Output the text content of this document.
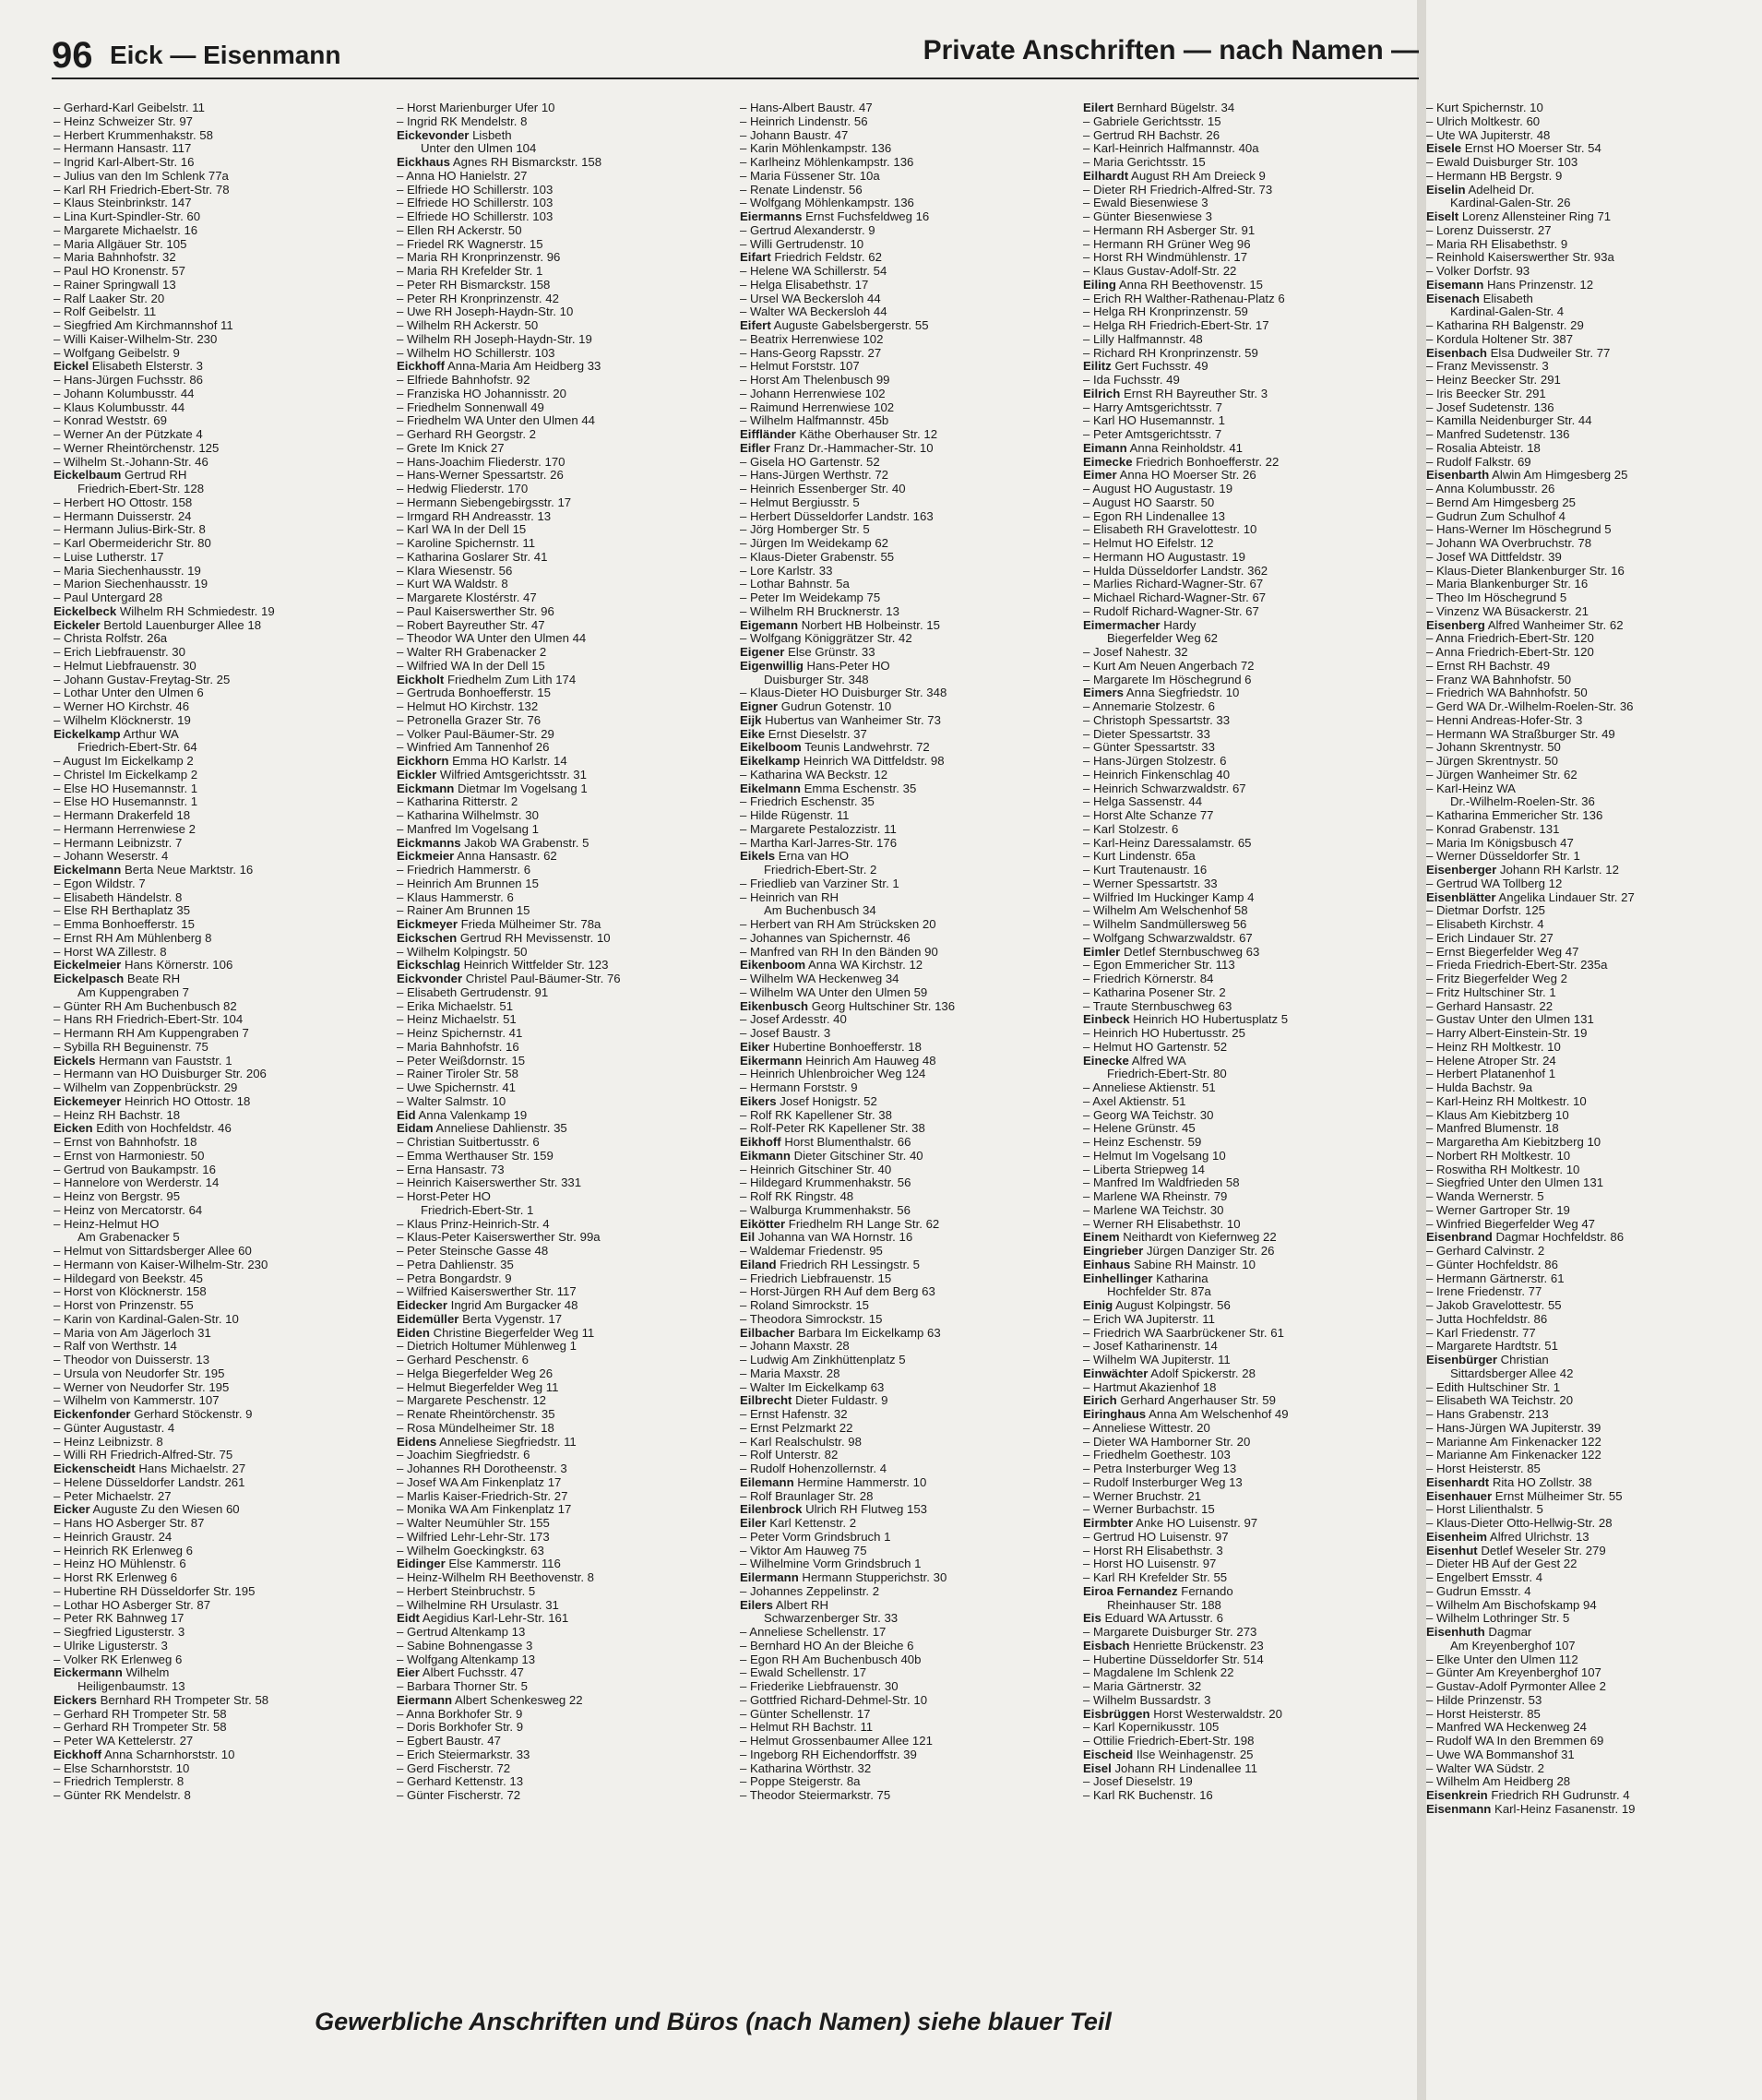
96 Eick — Eisenmann	Private Anschriften — nach Namen —
– Gerhard-Karl Geibelstr. 11
– Heinz Schweizer Str. 97
– Herbert Krummenhakstr. 58
– Hermann Hansastr. 117
– Ingrid Karl-Albert-Str. 16
– Julius van den Im Schlenk 77a
– Karl RH Friedrich-Ebert-Str. 78
– Klaus Steinbrinkstr. 147
– Lina Kurt-Spindler-Str. 60
– Margarete Michaelstr. 16
– Maria Allgäuer Str. 105
– Maria Bahnhofstr. 32
– Paul HO Kronenstr. 57
– Rainer Springwall 13
– Ralf Laaker Str. 20
– Rolf Geibelstr. 11
– Siegfried Am Kirchmannshof 11
– Willi Kaiser-Wilhelm-Str. 230
– Wolfgang Geibelstr. 9
Eickel Elisabeth Elsterstr. 3
– Hans-Jürgen Fuchsstr. 86
– Johann Kolumbusstr. 44
– Klaus Kolumbusstr. 44
– Konrad Weststr. 69
– Werner An der Pützkate 4
– Werner Rheintörchenstr. 125
– Wilhelm St.-Johann-Str. 46
Eickelbaum Gertrud RH
Friedrich-Ebert-Str. 128
– Herbert HO Ottostr. 158
– Hermann Duisserstr. 24
– Hermann Julius-Birk-Str. 8
– Karl Obermeiderichr Str. 80
– Luise Lutherstr. 17
– Maria Siechenhausstr. 19
– Marion Siechenhausstr. 19
– Paul Untergard 28
Eickelbeck Wilhelm RH Schmiedestr. 19
Eickeler Bertold Lauenburger Allee 18
– Christa Rolfstr. 26a
– Erich Liebfrauenstr. 30
– Helmut Liebfrauenstr. 30
– Johann Gustav-Freytag-Str. 25
– Lothar Unter den Ulmen 6
– Werner HO Kirchstr. 46
– Wilhelm Klöcknerstr. 19
Eickelkamp Arthur WA
Friedrich-Ebert-Str. 64
– August Im Eickelkamp 2
– Christel Im Eickelkamp 2
– Else HO Husemannstr. 1
– Else HO Husemannstr. 1
– Hermann Drakerfeld 18
– Hermann Herrenwiese 2
– Hermann Leibnizstr. 7
– Johann Weserstr. 4
Eickelmann Berta Neue Marktstr. 16
– Egon Wildstr. 7
– Elisabeth Händelstr. 8
– Else RH Berthaplatz 35
– Emma Bonhoefferstr. 15
– Ernst RH Am Mühlenberg 8
– Horst WA Zillestr. 8
Eickelmeier Hans Körnerstr. 106
Eickelpasch Beate RH
Am Kuppengraben 7
– Günter RH Am Buchenbusch 82
– Hans RH Friedrich-Ebert-Str. 104
– Hermann RH Am Kuppengraben 7
– Sybilla RH Beguinenstr. 75
Eickels Hermann van Fauststr. 1
– Hermann van HO Duisburger Str. 206
– Wilhelm van Zoppenbrückstr. 29
Eickemeyer Heinrich HO Ottostr. 18
– Heinz RH Bachstr. 18
Eicken Edith von Hochfeldstr. 46
– Ernst von Bahnhofstr. 18
– Ernst von Harmoniestr. 50
– Gertrud von Baukampstr. 16
– Hannelore von Werderstr. 14
– Heinz von Bergstr. 95
– Heinz von Mercatorstr. 64
– Heinz-Helmut HO
Am Grabenacker 5
– Helmut von Sittardsberger Allee 60
– Hermann von Kaiser-Wilhelm-Str. 230
– Hildegard von Beekstr. 45
– Horst von Klöcknerstr. 158
– Horst von Prinzenstr. 55
– Karin von Kardinal-Galen-Str. 10
– Maria von Am Jägerloch 31
– Ralf von Werthstr. 14
– Theodor von Duisserstr. 13
– Ursula von Neudorfer Str. 195
– Werner von Neudorfer Str. 195
– Wilhelm von Kammerstr. 107
Eickenfonder Gerhard Stöckenstr. 9
– Günter Augustastr. 4
– Heinz Leibnizstr. 8
– Willi RH Friedrich-Alfred-Str. 75
Eickenscheidt Hans Michaelstr. 27
– Helene Düsseldorfer Landstr. 261
– Peter Michaelstr. 27
Eicker Auguste Zu den Wiesen 60
– Hans HO Asberger Str. 87
– Heinrich Graustr. 24
– Heinrich RK Erlenweg 6
– Heinz HO Mühlenstr. 6
– Horst RK Erlenweg 6
– Hubertine RH Düsseldorfer Str. 195
– Lothar HO Asberger Str. 87
– Peter RK Bahnweg 17
– Siegfried Ligusterstr. 3
– Ulrike Ligusterstr. 3
– Volker RK Erlenweg 6
Eickermann Wilhelm
Heiligenbaumstr. 13
Eickers Bernhard RH Trompeter Str. 58
– Gerhard RH Trompeter Str. 58
– Gerhard RH Trompeter Str. 58
– Peter WA Kettelerstr. 27
Eickhoff Anna Scharnhorststr. 10
– Else Scharnhorststr. 10
– Friedrich Templerstr. 8
– Günter RK Mendelstr. 8
– Horst Marienburger Ufer 10
– Ingrid RK Mendelstr. 8
Eickevonder Lisbeth
Unter den Ulmen 104
Eickhaus Agnes RH Bismarckstr. 158
– Anna HO Hanielstr. 27
– Elfriede HO Schillerstr. 103
– Elfriede HO Schillerstr. 103
– Elfriede HO Schillerstr. 103
– Ellen RH Ackerstr. 50
– Friedel RK Wagnerstr. 15
– Maria RH Kronprinzenstr. 96
– Maria RH Krefelder Str. 1
– Peter RH Bismarckstr. 158
– Peter RH Kronprinzenstr. 42
– Uwe RH Joseph-Haydn-Str. 10
– Wilhelm RH Ackerstr. 50
– Wilhelm RH Joseph-Haydn-Str. 19
– Wilhelm HO Schillerstr. 103
Eickhoff Anna-Maria Am Heidberg 33
– Elfriede Bahnhofstr. 92
– Franziska HO Johannisstr. 20
– Friedhelm Sonnenwall 49
– Friedhelm WA Unter den Ulmen 44
– Gerhard RH Georgstr. 2
– Grete Im Knick 27
– Hans-Joachim Fliederstr. 170
– Hans-Werner Spessartstr. 26
– Hedwig Fliederstr. 170
– Hermann Siebengebirgsstr. 17
– Irmgard RH Andreasstr. 13
– Karl WA In der Dell 15
– Karoline Spichernstr. 11
– Katharina Goslarer Str. 41
– Klara Wiesenstr. 56
– Kurt WA Waldstr. 8
– Margarete Klostérstr. 47
– Paul Kaiserswerther Str. 96
– Robert Bayreuther Str. 47
– Theodor WA Unter den Ulmen 44
– Walter RH Grabenacker 2
– Wilfried WA In der Dell 15
Eickholt Friedhelm Zum Lith 174
– Gertruda Bonhoefferstr. 15
– Helmut HO Kirchstr. 132
– Petronella Grazer Str. 76
– Volker Paul-Bäumer-Str. 29
– Winfried Am Tannenhof 26
Eickhorn Emma HO Karlstr. 14
Eickler Wilfried Amtsgerichtsstr. 31
Eickmann Dietmar Im Vogelsang 1
– Katharina Ritterstr. 2
– Katharina Wilhelmstr. 30
– Manfred Im Vogelsang 1
Eickmanns Jakob WA Grabenstr. 5
Eickmeier Anna Hansastr. 62
– Friedrich Hammerstr. 6
– Heinrich Am Brunnen 15
– Klaus Hammerstr. 6
– Rainer Am Brunnen 15
Eickmeyer Frieda Mülheimer Str. 78a
Eickschen Gertrud RH Mevissenstr. 10
– Wilhelm Kolpingstr. 50
Eickschlag Heinrich Wittfelder Str. 123
Eickvonder Christel Paul-Bäumer-Str. 76
– Elisabeth Gertrudenstr. 91
– Erika Michaelstr. 51
– Heinz Michaelstr. 51
– Heinz Spichernstr. 41
– Maria Bahnhofstr. 16
– Peter Weißdornstr. 15
– Rainer Tiroler Str. 58
– Uwe Spichernstr. 41
– Walter Salmstr. 10
Eid Anna Valenkamp 19
Eidam Anneliese Dahlienstr. 35
– Christian Suitbertusstr. 6
– Emma Werthauser Str. 159
– Erna Hansastr. 73
– Heinrich Kaiserswerther Str. 331
– Horst-Peter HO
Friedrich-Ebert-Str. 1
– Klaus Prinz-Heinrich-Str. 4
– Klaus-Peter Kaiserswerther Str. 99a
– Peter Steinsche Gasse 48
– Petra Dahlienstr. 35
– Petra Bongardstr. 9
– Wilfried Kaiserswerther Str. 117
Eidecker Ingrid Am Burgacker 48
Eidemüller Berta Vygenstr. 17
Eiden Christine Biegerfelder Weg 11
– Dietrich Holtumer Mühlenweg 1
– Gerhard Peschenstr. 6
– Helga Biegerfelder Weg 26
– Helmut Biegerfelder Weg 11
– Margarete Peschenstr. 12
– Renate Rheintörchenstr. 35
– Rosa Mündelheimer Str. 18
Eidens Anneliese Siegfriedstr. 11
– Joachim Siegfriedstr. 6
– Johannes RH Dorotheenstr. 3
– Josef WA Am Finkenplatz 17
– Marlis Kaiser-Friedrich-Str. 27
– Monika WA Am Finkenplatz 17
– Walter Neumühler Str. 155
– Wilfried Lehr-Lehr-Str. 173
– Wilhelm Goeckingkstr. 63
Eidinger Else Kammerstr. 116
– Heinz-Wilhelm RH Beethovenstr. 8
– Herbert Steinbruchstr. 5
– Wilhelmine RH Ursulastr. 31
Eidt Aegidius Karl-Lehr-Str. 161
– Gertrud Altenkamp 13
– Sabine Bohnengasse 3
– Wolfgang Altenkamp 13
Eier Albert Fuchsstr. 47
– Barbara Thorner Str. 5
Eiermann Albert Schenkesweg 22
– Anna Borkhofer Str. 9
– Doris Borkhofer Str. 9
– Egbert Baustr. 47
– Erich Steiermarkstr. 33
– Gerd Fischerstr. 72
– Gerhard Kettenstr. 13
– Günter Fischerstr. 72
– Hans-Albert Baustr. 47
– Heinrich Lindenstr. 56
– Johann Baustr. 47
– Karin Möhlenkampstr. 136
– Karlheinz Möhlenkampstr. 136
– Maria Füssener Str. 10a
– Renate Lindenstr. 56
– Wolfgang Möhlenkampstr. 136
Eiermanns Ernst Fuchsfeldweg 16
– Gertrud Alexanderstr. 9
– Willi Gertrudenstr. 10
Eifart Friedrich Feldstr. 62
– Helene WA Schillerstr. 54
– Helga Elisabethstr. 17
– Ursel WA Beckersloh 44
– Walter WA Beckersloh 44
Eifert Auguste Gabelsbergerstr. 55
– Beatrix Herrenwiese 102
– Hans-Georg Rapsstr. 27
– Helmut Forststr. 107
– Horst Am Thelenbusch 99
– Johann Herrenwiese 102
– Raimund Herrenwiese 102
– Wilhelm Halfmannstr. 45b
Eiffländer Käthe Oberhauser Str. 12
Eifler Franz Dr.-Hammacher-Str. 10
– Gisela HO Gartenstr. 52
– Hans-Jürgen Werthstr. 72
– Heinrich Essenberger Str. 40
– Helmut Bergiusstr. 5
– Herbert Düsseldorfer Landstr. 163
– Jörg Homberger Str. 5
– Jürgen Im Weidekamp 62
– Klaus-Dieter Grabenstr. 55
– Lore Karlstr. 33
– Lothar Bahnstr. 5a
– Peter Im Weidekamp 75
– Wilhelm RH Brucknerstr. 13
Eigemann Norbert HB Holbeinstr. 15
– Wolfgang Königgrätzer Str. 42
Eigener Else Grünstr. 33
Eigenwillig Hans-Peter HO
Duisburger Str. 348
– Klaus-Dieter HO Duisburger Str. 348
Eigner Gudrun Gotenstr. 10
Eijk Hubertus van Wanheimer Str. 73
Eike Ernst Dieselstr. 37
Eikelboom Teunis Landwehrstr. 72
Eikelkamp Heinrich WA Dittfeldstr. 98
– Katharina WA Beckstr. 12
Eikelmann Emma Eschenstr. 35
– Friedrich Eschenstr. 35
– Hilde Rügenstr. 11
– Margarete Pestalozzistr. 11
– Martha Karl-Jarres-Str. 176
Eikels Erna van HO
Friedrich-Ebert-Str. 2
– Friedlieb van Varziner Str. 1
– Heinrich van RH
Am Buchenbusch 34
– Herbert van RH Am Strücksken 20
– Johannes van Spichernstr. 46
– Manfred van RH In den Bänden 90
Eikenboom Anna WA Kirchstr. 12
– Wilhelm WA Heckenweg 34
– Wilhelm WA Unter den Ulmen 59
Eikenbusch Georg Hultschiner Str. 136
– Josef Ardesstr. 40
– Josef Baustr. 3
Eiker Hubertine Bonhoefferstr. 18
Eikermann Heinrich Am Hauweg 48
– Heinrich Uhlenbroicher Weg 124
– Hermann Forststr. 9
Eikers Josef Honigstr. 52
– Rolf RK Kapellener Str. 38
– Rolf-Peter RK Kapellener Str. 38
Eikhoff Horst Blumenthalstr. 66
Eikmann Dieter Gitschiner Str. 40
– Heinrich Gitschiner Str. 40
– Hildegard Krummenhakstr. 56
– Rolf RK Ringstr. 48
– Walburga Krummenhakstr. 56
Eikötter Friedhelm RH Lange Str. 62
Eil Johanna van WA Hornstr. 16
– Waldemar Friedenstr. 95
Eiland Friedrich RH Lessingstr. 5
– Friedrich Liebfrauenstr. 15
– Horst-Jürgen RH Auf dem Berg 63
– Roland Simrockstr. 15
– Theodora Simrockstr. 15
Eilbacher Barbara Im Eickelkamp 63
– Johann Maxstr. 28
– Ludwig Am Zinkhüttenplatz 5
– Maria Maxstr. 28
– Walter Im Eickelkamp 63
Eilbrecht Dieter Fuldastr. 9
– Ernst Hafenstr. 32
– Ernst Pelzmarkt 22
– Karl Realschulstr. 98
– Rolf Unterstr. 82
– Rudolf Hohenzollernstr. 4
Eilemann Hermine Hammerstr. 10
– Rolf Braunlager Str. 28
Eilenbrock Ulrich RH Flutweg 153
Eiler Karl Kettenstr. 2
– Peter Vorm Grindsbruch 1
– Viktor Am Hauweg 75
– Wilhelmine Vorm Grindsbruch 1
Eilermann Hermann Stupperichstr. 30
– Johannes Zeppelinstr. 2
Eilers Albert RH
Schwarzenberger Str. 33
– Anneliese Schellenstr. 17
– Bernhard HO An der Bleiche 6
– Egon RH Am Buchenbusch 40b
– Ewald Schellenstr. 17
– Friederike Liebfrauenstr. 30
– Gottfried Richard-Dehmel-Str. 10
– Günter Schellenstr. 17
– Helmut RH Bachstr. 11
– Helmut Grossenbaumer Allee 121
– Ingeborg RH Eichendorffstr. 39
– Katharina Wörthstr. 32
– Poppe Steigerstr. 8a
– Theodor Steiermarkstr. 75
Eilert Bernhard Bügelstr. 34
– Gabriele Gerichtsstr. 15
– Gertrud RH Bachstr. 26
– Karl-Heinrich Halfmannstr. 40a
– Maria Gerichtsstr. 15
Eilhardt August RH Am Dreieck 9
– Dieter RH Friedrich-Alfred-Str. 73
– Ewald Biesenwiese 3
– Günter Biesenwiese 3
– Hermann RH Asberger Str. 91
– Hermann RH Grüner Weg 96
– Horst RH Windmühlenstr. 17
– Klaus Gustav-Adolf-Str. 22
Eiling Anna RH Beethovenstr. 15
– Erich RH Walther-Rathenau-Platz 6
– Helga RH Kronprinzenstr. 59
– Helga RH Friedrich-Ebert-Str. 17
– Lilly Halfmannstr. 48
– Richard RH Kronprinzenstr. 59
Eilitz Gert Fuchsstr. 49
– Ida Fuchsstr. 49
Eilrich Ernst RH Bayreuther Str. 3
– Harry Amtsgerichtsstr. 7
– Karl HO Husemannstr. 1
– Peter Amtsgerichtsstr. 7
Eimann Anna Reinholdstr. 41
Eimecke Friedrich Bonhoefferstr. 22
Eimer Anna HO Moerser Str. 26
– August HO Augustastr. 19
– August HO Saarstr. 50
– Egon RH Lindenallee 13
– Elisabeth RH Gravelottestr. 10
– Helmut HO Eifelstr. 12
– Hermann HO Augustastr. 19
– Hulda Düsseldorfer Landstr. 362
– Marlies Richard-Wagner-Str. 67
– Michael Richard-Wagner-Str. 67
– Rudolf Richard-Wagner-Str. 67
Eimermacher Hardy
Biegerfelder Weg 62
– Josef Nahestr. 32
– Kurt Am Neuen Angerbach 72
– Margarete Im Höschegrund 6
Eimers Anna Siegfriedstr. 10
– Annemarie Stolzestr. 6
– Christoph Spessartstr. 33
– Dieter Spessartstr. 33
– Günter Spessartstr. 33
– Hans-Jürgen Stolzestr. 6
– Heinrich Finkenschlag 40
– Heinrich Schwarzwaldstr. 67
– Helga Sassenstr. 44
– Horst Alte Schanze 77
– Karl Stolzestr. 6
– Karl-Heinz Daressalamstr. 65
– Kurt Lindenstr. 65a
– Kurt Trautenaustr. 16
– Werner Spessartstr. 33
– Wilfried Im Huckinger Kamp 4
– Wilhelm Am Welschenhof 58
– Wilhelm Sandmüllersweg 56
– Wolfgang Schwarzwaldstr. 67
Eimler Detlef Sternbuschweg 63
– Egon Emmericher Str. 113
– Friedrich Körnerstr. 84
– Katharina Posener Str. 2
– Traute Sternbuschweg 63
Einbeck Heinrich HO Hubertusplatz 5
– Heinrich HO Hubertusstr. 25
– Helmut HO Gartenstr. 52
Einecke Alfred WA
Friedrich-Ebert-Str. 80
– Anneliese Aktienstr. 51
– Axel Aktienstr. 51
– Georg WA Teichstr. 30
– Helene Grünstr. 45
– Heinz Eschenstr. 59
– Helmut Im Vogelsang 10
– Liberta Striepweg 14
– Manfred Im Waldfrieden 58
– Marlene WA Rheinstr. 79
– Marlene WA Teichstr. 30
– Werner RH Elisabethstr. 10
Einem Neithardt von Kiefernweg 22
Eingrieber Jürgen Danziger Str. 26
Einhaus Sabine RH Mainstr. 10
Einhellinger Katharina
Hochfelder Str. 87a
Einig August Kolpingstr. 56
– Erich WA Jupiterstr. 11
– Friedrich WA Saarbrückener Str. 61
– Josef Katharinenstr. 14
– Wilhelm WA Jupiterstr. 11
Einwächter Adolf Spickerstr. 28
– Hartmut Akazienhof 18
Eirich Gerhard Angerhauser Str. 59
Eiringhaus Anna Am Welschenhof 49
– Anneliese Wittestr. 20
– Dieter WA Hamborner Str. 20
– Friedhelm Goethestr. 103
– Petra Insterburger Weg 13
– Rudolf Insterburger Weg 13
– Werner Bruchstr. 21
– Werner Burbachstr. 15
Eirmbter Anke HO Luisenstr. 97
– Gertrud HO Luisenstr. 97
– Horst RH Elisabethstr. 3
– Horst HO Luisenstr. 97
– Karl RH Krefelder Str. 55
Eiroa Fernandez Fernando
Rheinhauser Str. 188
Eis Eduard WA Artusstr. 6
– Margarete Duisburger Str. 273
Eisbach Henriette Brückenstr. 23
– Hubertine Düsseldorfer Str. 514
– Magdalene Im Schlenk 22
– Maria Gärtnerstr. 32
– Wilhelm Bussardstr. 3
Eisbrüggen Horst Westerwaldstr. 20
– Karl Kopernikusstr. 105
– Ottilie Friedrich-Ebert-Str. 198
Eischeid Ilse Weinhagenstr. 25
Eisel Johann RH Lindenallee 11
– Josef Dieselstr. 19
– Karl RK Buchenstr. 16
– Kurt Spichernstr. 10
– Ulrich Moltkestr. 60
– Ute WA Jupiterstr. 48
Eisele Ernst HO Moerser Str. 54
– Ewald Duisburger Str. 103
– Hermann HB Bergstr. 9
Eiselin Adelheid Dr.
Kardinal-Galen-Str. 26
Eiselt Lorenz Allensteiner Ring 71
– Lorenz Duisserstr. 27
– Maria RH Elisabethstr. 9
– Reinhold Kaiserswerther Str. 93a
– Volker Dorfstr. 93
Eisemann Hans Prinzenstr. 12
Eisenach Elisabeth
Kardinal-Galen-Str. 4
– Katharina RH Balgenstr. 29
– Kordula Holtener Str. 387
Eisenbach Elsa Dudweiler Str. 77
– Franz Mevissenstr. 3
– Heinz Beecker Str. 291
– Iris Beecker Str. 291
– Josef Sudetenstr. 136
– Kamilla Neidenburger Str. 44
– Manfred Sudetenstr. 136
– Rosalia Abteistr. 18
– Rudolf Falkstr. 69
Eisenbarth Alwin Am Himgesberg 25
– Anna Kolumbusstr. 26
– Bernd Am Himgesberg 25
– Gudrun Zum Schulhof 4
– Hans-Werner Im Höschegrund 5
– Johann WA Overbruchstr. 78
– Josef WA Dittfeldstr. 39
– Klaus-Dieter Blankenburger Str. 16
– Maria Blankenburger Str. 16
– Theo Im Höschegrund 5
– Vinzenz WA Büsackerstr. 21
Eisenberg Alfred Wanheimer Str. 62
– Anna Friedrich-Ebert-Str. 120
– Anna Friedrich-Ebert-Str. 120
– Ernst RH Bachstr. 49
– Franz WA Bahnhofstr. 50
– Friedrich WA Bahnhofstr. 50
– Gerd WA Dr.-Wilhelm-Roelen-Str. 36
– Henni Andreas-Hofer-Str. 3
– Hermann WA Straßburger Str. 49
– Johann Skrentnystr. 50
– Jürgen Skrentnystr. 50
– Jürgen Wanheimer Str. 62
– Karl-Heinz WA
Dr.-Wilhelm-Roelen-Str. 36
– Katharina Emmericher Str. 136
– Konrad Grabenstr. 131
– Maria Im Königsbusch 47
– Werner Düsseldorfer Str. 1
Eisenberger Johann RH Karlstr. 12
– Gertrud WA Tollberg 12
Eisenblätter Angelika Lindauer Str. 27
– Dietmar Dorfstr. 125
– Elisabeth Kirchstr. 4
– Erich Lindauer Str. 27
– Ernst Biegerfelder Weg 47
– Frieda Friedrich-Ebert-Str. 235a
– Fritz Biegerfelder Weg 2
– Fritz Hultschiner Str. 1
– Gerhard Hansastr. 22
– Gustav Unter den Ulmen 131
– Harry Albert-Einstein-Str. 19
– Heinz RH Moltkestr. 10
– Helene Atroper Str. 24
– Herbert Platanenhof 1
– Hulda Bachstr. 9a
– Karl-Heinz RH Moltkestr. 10
– Klaus Am Kiebitzberg 10
– Manfred Blumenstr. 18
– Margaretha Am Kiebitzberg 10
– Norbert RH Moltkestr. 10
– Roswitha RH Moltkestr. 10
– Siegfried Unter den Ulmen 131
– Wanda Wernerstr. 5
– Werner Gartroper Str. 19
– Winfried Biegerfelder Weg 47
Eisenbrand Dagmar Hochfeldstr. 86
– Gerhard Calvinstr. 2
– Günter Hochfeldstr. 86
– Hermann Gärtnerstr. 61
– Irene Friedenstr. 77
– Jakob Gravelottestr. 55
– Jutta Hochfeldstr. 86
– Karl Friedenstr. 77
– Margarete Hardtstr. 51
Eisenbürger Christian
Sittardsberger Allee 42
– Edith Hultschiner Str. 1
– Elisabeth WA Teichstr. 20
– Hans Grabenstr. 213
– Hans-Jürgen WA Jupiterstr. 39
– Marianne Am Finkenacker 122
– Marianne Am Finkenacker 122
– Horst Heisterstr. 85
Eisenhardt Rita HO Zollstr. 38
Eisenhauer Ernst Mülheimer Str. 55
– Horst Lilienthalstr. 5
– Klaus-Dieter Otto-Hellwig-Str. 28
Eisenheim Alfred Ulrichstr. 13
Eisenhut Detlef Weseler Str. 279
– Dieter HB Auf der Gest 22
– Engelbert Emsstr. 4
– Gudrun Emsstr. 4
– Wilhelm Am Bischofskamp 94
– Wilhelm Lothringer Str. 5
Eisenhuth Dagmar
Am Kreyenberghof 107
– Elke Unter den Ulmen 112
– Günter Am Kreyenberghof 107
– Gustav-Adolf Pyrmonter Allee 2
– Hilde Prinzenstr. 53
– Horst Heisterstr. 85
– Manfred WA Heckenweg 24
– Rudolf WA In den Bremmen 69
– Uwe WA Bommanshof 31
– Walter WA Südstr. 2
– Wilhelm Am Heidberg 28
Eisenkrein Friedrich RH Gudrunstr. 4
Eisenmann Karl-Heinz Fasanenstr. 19
Gewerbliche Anschriften und Büros (nach Namen) siehe blauer Teil
